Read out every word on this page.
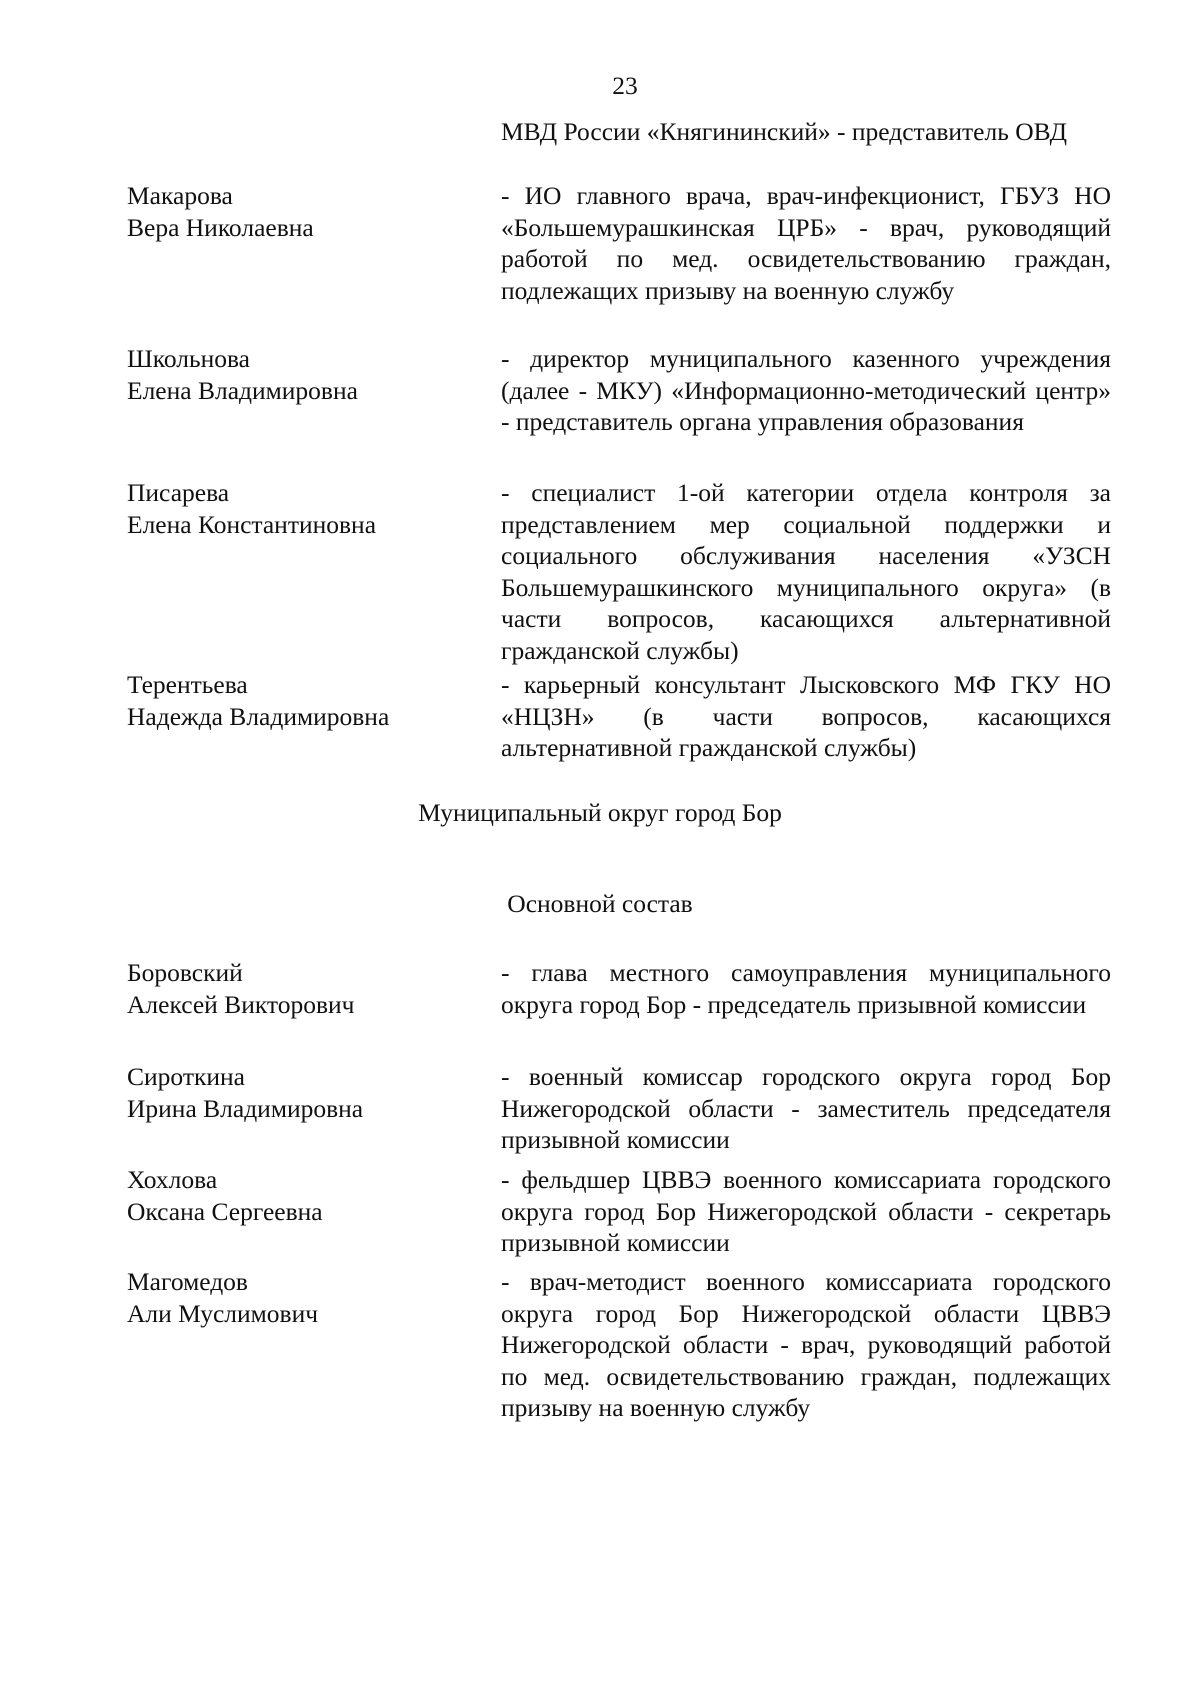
23
МВД России «Княгининский» - представитель ОВД
Макарова
Вера Николаевна
- ИО главного врача, врач-инфекционист, ГБУЗ НО «Большемурашкинская ЦРБ» - врач, руководящий работой по мед. освидетельствованию граждан, подлежащих призыву на военную службу
Школьнова
Елена Владимировна
- директор муниципального казенного учреждения (далее - МКУ) «Информационно-методический центр» - представитель органа управления образования
Писарева
Елена Константиновна
- специалист 1-ой категории отдела контроля за представлением мер социальной поддержки и социального обслуживания населения «УЗСН Большемурашкинского муниципального округа» (в части вопросов, касающихся альтернативной гражданской службы)
Терентьева
Надежда Владимировна
- карьерный консультант Лысковского МФ ГКУ НО «НЦЗН» (в части вопросов, касающихся альтернативной гражданской службы)
Муниципальный округ город Бор
Основной состав
Боровский
Алексей Викторович
- глава местного самоуправления муниципального округа город Бор - председатель призывной комиссии
Сироткина
Ирина Владимировна
- военный комиссар городского округа город Бор Нижегородской области - заместитель председателя призывной комиссии
Хохлова
Оксана Сергеевна
- фельдшер ЦВВЭ военного комиссариата городского округа город Бор Нижегородской области - секретарь призывной комиссии
Магомедов
Али Муслимович
- врач-методист военного комиссариата городского округа город Бор Нижегородской области ЦВВЭ Нижегородской области - врач, руководящий работой по мед. освидетельствованию граждан, подлежащих призыву на военную службу
